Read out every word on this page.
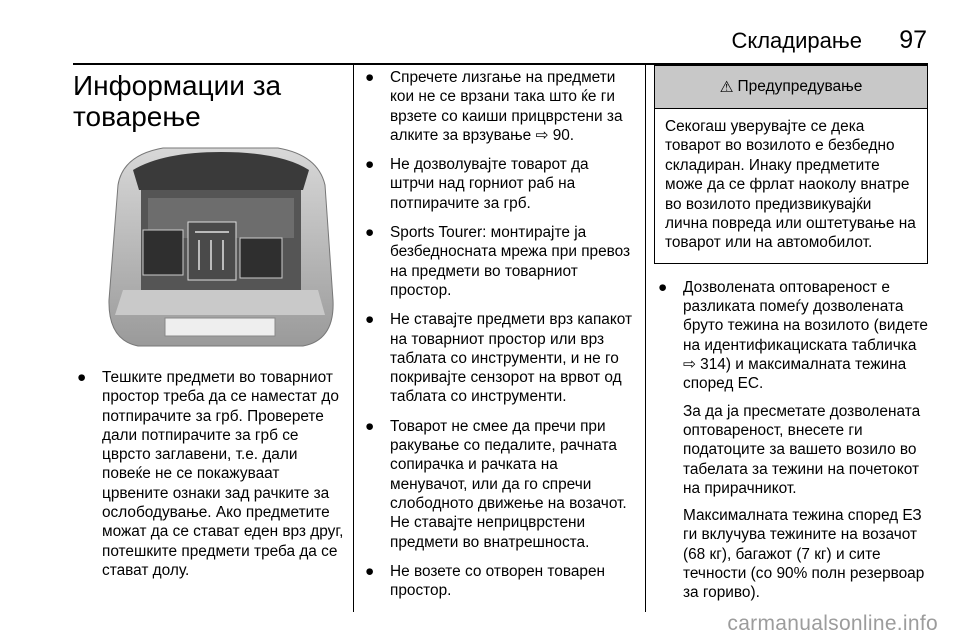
Складирање 97
Информации за товарење
● Тешките предмети во товарниот простор треба да се наместат до потпирачите за грб. Проверете дали потпирачите за грб се цврсто заглавени, т.е. дали повеќе не се покажуваат црвените ознаки зад рачките за ослободување. Ако предметите можат да се стават еден врз друг, потешките предмети треба да се стават долу.
● Спречете лизгање на предмети кои не се врзани така што ќе ги врзете со каиши прицврстени за алките за врзување ⇨ 90.
● Не дозволувајте товарот да штрчи над горниот раб на потпирачите за грб.
● Sports Tourer: монтирајте ја безбедносната мрежа при превоз на предмети во товарниот простор.
● Не ставајте предмети врз капакот на товарниот простор или врз таблата со инструменти, и не го покривајте сензорот на врвот од таблата со инструменти.
● Товарот не смее да пречи при ракување со педалите, рачната сопирачка и рачката на менувачот, или да го спречи слободното движење на возачот. Не ставајте неприцврстени предмети во внатрешноста.
● Не возете со отворен товарен простор.
⚠ Предупредување
Секогаш уверувајте се дека товарот во возилото е безбедно складиран. Инаку предметите може да се фрлат наоколу внатре во возилото предизвикувајќи лична повреда или оштетување на товарот или на автомобилот.
● Дозволената оптовареност е разликата помеѓу дозволената бруто тежина на возилото (видете на идентификациската табличка ⇨ 314) и максималната тежина според ЕС.

За да ја пресметате дозволената оптовареност, внесете ги податоците за вашето возило во табелата за тежини на почетокот на прирачникот.

Максималната тежина според ЕЗ ги вклучува тежините на возачот (68 кг), багажот (7 кг) и сите течности (со 90% полн резервоар за гориво).

carmanualsonline.info
